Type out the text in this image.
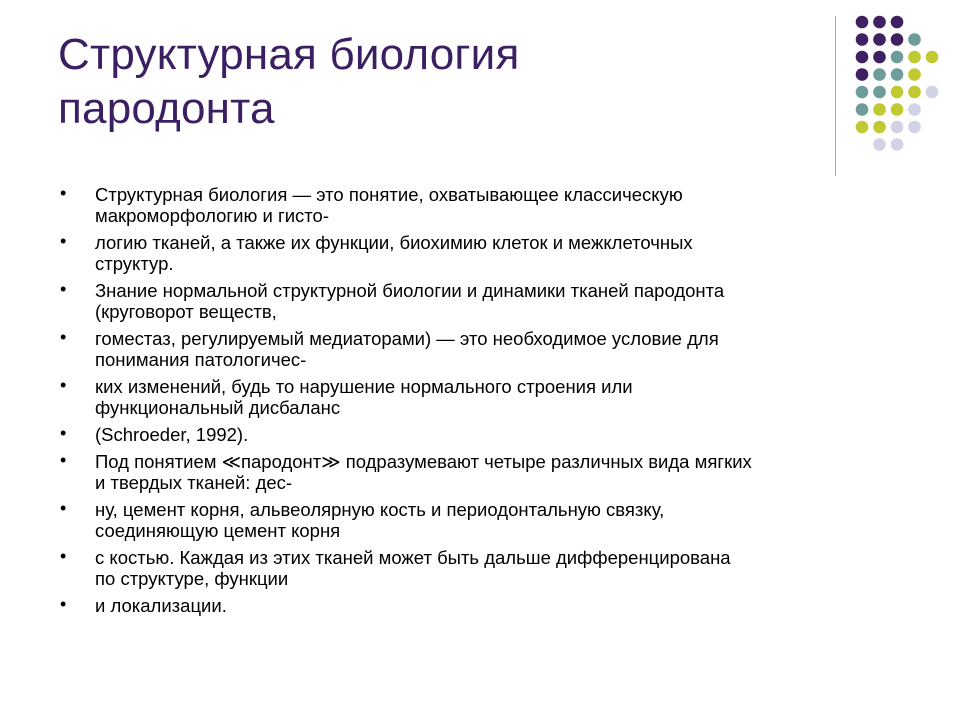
Структурная биология
пародонта
• Структурная биология — это понятие, охватывающее классическую
макроморфологию и гисто-
• логию тканей, а также их функции, биохимию клеток и межклеточных
структур.
• Знание нормальной структурной биологии и динамики тканей пародонта
(круговорот веществ,
• гоместаз, регулируемый медиаторами) — это необходимое условие для
понимания патологичес-
• ких изменений, будь то нарушение нормального строения или
функциональный дисбаланс
• (Schroeder, 1992).
• Под понятием ≪пародонт≫ подразумевают четыре различных вида мягких
и твердых тканей: дес-
• ну, цемент корня, альвеолярную кость и периодонтальную связку,
соединяющую цемент корня
• с костью. Каждая из этих тканей может быть дальше дифференцирована
по структуре, функции
• и локализации.
